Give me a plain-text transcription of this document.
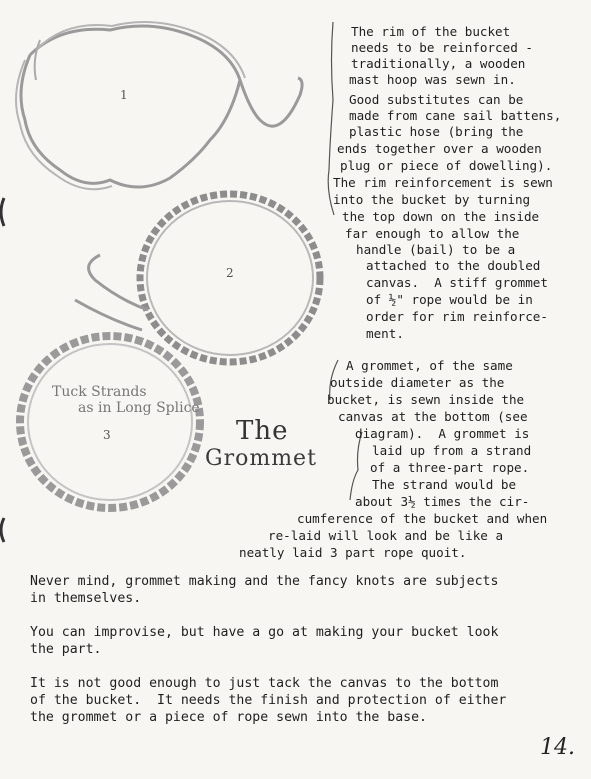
1
2
3
Tuck Strands
as in Long Splice
The
Grommet
The rim of the bucket
needs to be reinforced -
traditionally, a wooden
mast hoop was sewn in.
Good substitutes can be
made from cane sail battens,
plastic hose (bring the
ends together over a wooden
plug or piece of dowelling).
The rim reinforcement is sewn
into the bucket by turning
the top down on the inside
far enough to allow the
handle (bail) to be a
attached to the doubled
canvas.  A stiff grommet
of ½" rope would be in
order for rim reinforce-
ment.
A grommet, of the same
outside diameter as the
bucket, is sewn inside the
canvas at the bottom (see
diagram).  A grommet is
laid up from a strand
of a three-part rope.
The strand would be
about 3½ times the cir-
cumference of the bucket and when
re-laid will look and be like a
neatly laid 3 part rope quoit.
Never mind, grommet making and the fancy knots are subjects
in themselves.
You can improvise, but have a go at making your bucket look
the part.
It is not good enough to just tack the canvas to the bottom
of the bucket.  It needs the finish and protection of either
the grommet or a piece of rope sewn into the base.
14.
